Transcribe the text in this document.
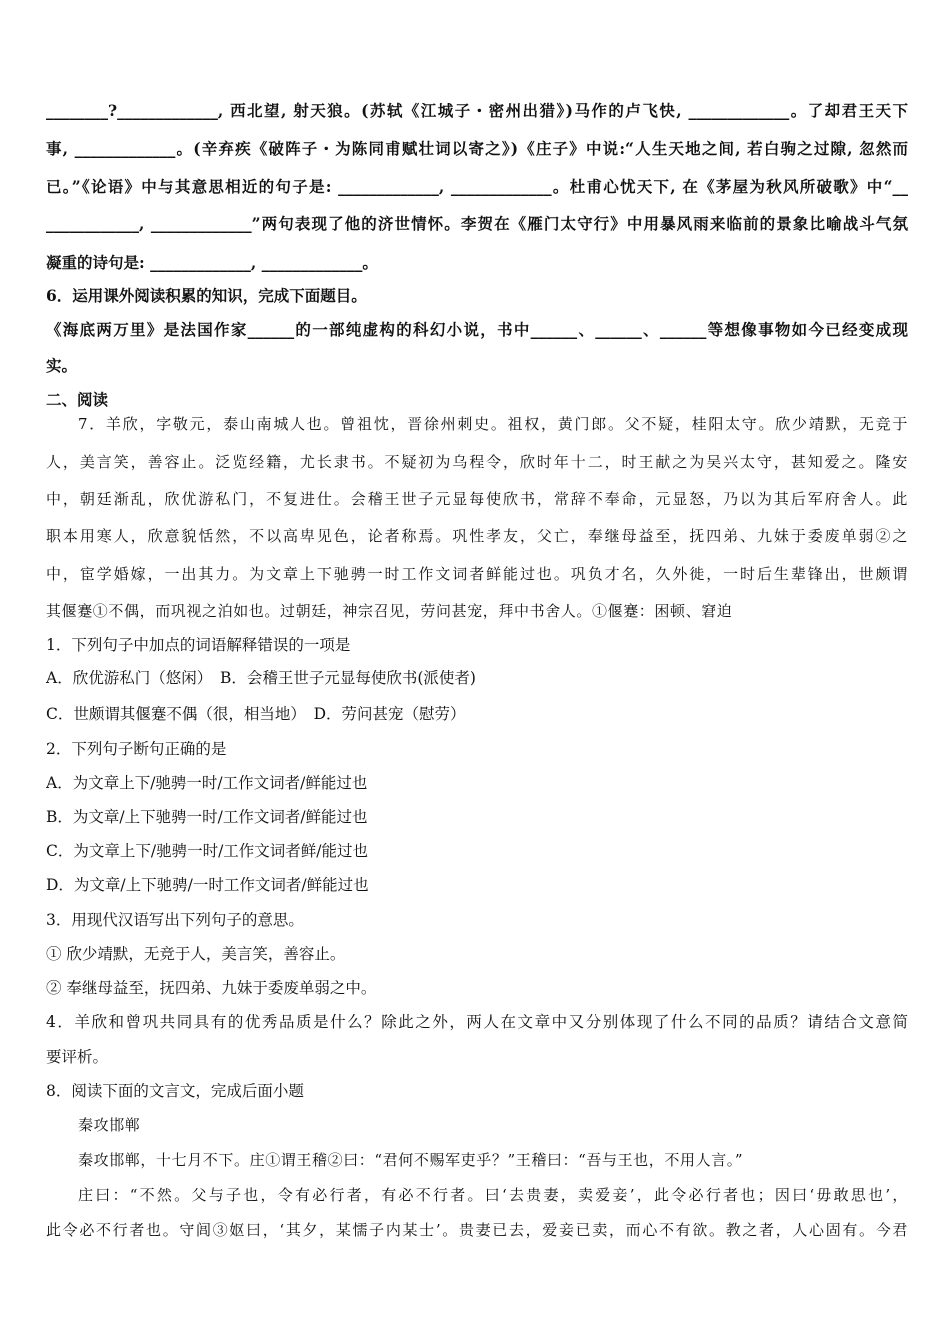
________?_____________, 西北望, 射天狼。(苏轼《江城子・密州出猎》)马作的卢飞快, _____________。了却君王天下
事, _____________。(辛弃疾《破阵子・为陈同甫赋壮词以寄之》)《庄子》中说:“人生天地之间, 若白驹之过隙, 忽然而
已。”《论语》中与其意思相近的句子是: _____________, _____________。杜甫心忧天下, 在《茅屋为秋风所破歌》中“__
____________, _____________”两句表现了他的济世情怀。李贺在《雁门太守行》中用暴风雨来临前的景象比喻战斗气氛
凝重的诗句是: _____________, _____________。
6．运用课外阅读积累的知识，完成下面题目。
《海底两万里》是法国作家______的一部纯虚构的科幻小说，书中______、______、______等想像事物如今已经变成现
实。
二、阅读
7．羊欣，字敬元，泰山南城人也。曾祖忱，晋徐州刺史。祖权，黄门郎。父不疑，桂阳太守。欣少靖默，无竞于
人，美言笑，善容止。泛览经籍，尤长隶书。不疑初为乌程令，欣时年十二，时王献之为吴兴太守，甚知爱之。隆安
中，朝廷渐乱，欣优游私门，不复进仕。会稽王世子元显每使欣书，常辞不奉命，元显怒，乃以为其后军府舍人。此
职本用寒人，欣意貌恬然，不以高卑见色，论者称焉。巩性孝友，父亡，奉继母益至，抚四弟、九妹于委废单弱②之
中，宦学婚嫁，一出其力。为文章上下驰骋一时工作文词者鲜能过也。巩负才名，久外徙，一时后生辈锋出，世颇谓
其偃蹇①不偶，而巩视之泊如也。过朝廷，神宗召见，劳问甚宠，拜中书舍人。①偃蹇：困顿、窘迫
1．下列句子中加点的词语解释错误的一项是
A．欣优游私门（悠闲）　B．会稽王世子元显每使欣书(派使者)
C．世颇谓其偃蹇不偶（很，相当地）　D．劳问甚宠（慰劳）
2．下列句子断句正确的是
A．为文章上下/驰骋一时/工作文词者/鲜能过也
B．为文章/上下驰骋一时/工作文词者/鲜能过也
C．为文章上下/驰骋一时/工作文词者鲜/能过也
D．为文章/上下驰骋/一时工作文词者/鲜能过也
3．用现代汉语写出下列句子的意思。
① 欣少靖默，无竞于人，美言笑，善容止。
② 奉继母益至，抚四弟、九妹于委废单弱之中。
4．羊欣和曾巩共同具有的优秀品质是什么？除此之外，两人在文章中又分别体现了什么不同的品质？请结合文意简
要评析。
8．阅读下面的文言文，完成后面小题
秦攻邯郸
秦攻邯郸，十七月不下。庄①谓王稽②曰：“君何不赐军吏乎？”王稽曰：“吾与王也，不用人言。”
庄曰：“不然。父与子也，令有必行者，有必不行者。曰‘去贵妻，卖爱妾’，此令必行者也；因曰‘毋敢思也’，
此令必不行者也。守闾③妪曰，‘其夕，某懦子内某士’。贵妻已去，爱妾已卖，而心不有欲。教之者，人心固有。今君
